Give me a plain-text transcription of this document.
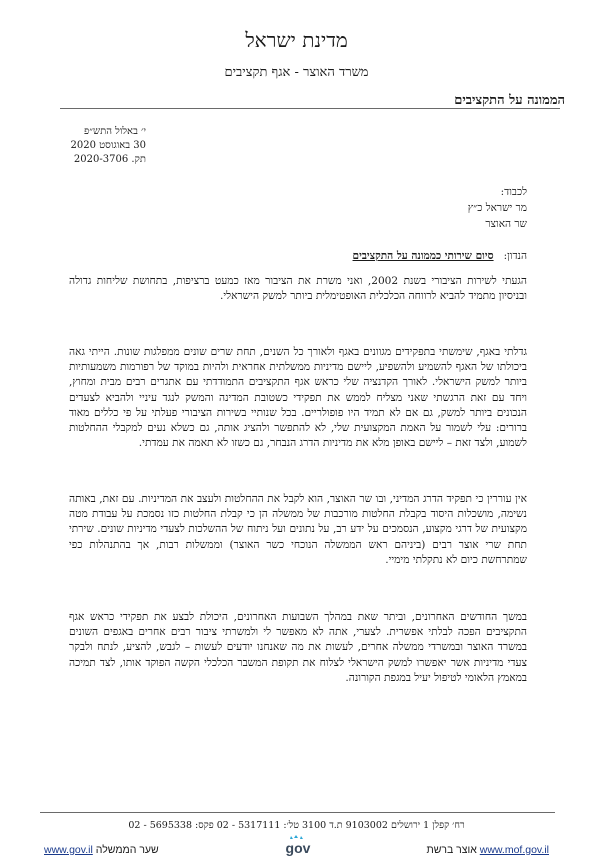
מדינת ישראל
משרד האוצר - אגף תקציבים
הממונה על התקציבים
י׳ באלול התש״פ
30 באוגוסט 2020
תק. 2020-3706
לכבוד:
מר ישראל כ״ץ
שר האוצר
הנדון:   סיום שירותי כממונה על התקציבים

הגעתי לשירות הציבורי בשנת 2002, ואני משרת את הציבור מאז כמעט ברציפות, בתחושת שליחות גדולה ובניסיון מתמיד להביא לרווחה הכלכלית האופטימלית ביותר למשק הישראלי.

גדלתי באגף, שימשתי בתפקידים מגוונים באגף ולאורך כל השנים, תחת שרים שונים ממפלגות שונות. הייתי גאה ביכולתו של האגף להשמיע ולהשפיע, ליישם מדיניות ממשלתית אחראית ולהיות במוקד של רפורמות משמעותיות ביותר למשק הישראלי. לאורך הקדנציה שלי כראש אגף התקציבים התמודדתי עם אתגרים רבים מבית ומחוץ, ויחד עם זאת הרגשתי שאני מצליח לממש את תפקידי כשטובת המדינה והמשק לנגד עיניי ולהביא לצעדים הנכונים ביותר למשק, גם אם לא תמיד היו פופולריים. בכל שנותיי בשירות הציבורי פעלתי על פי כללים מאוד ברורים: עלי לשמור על האמת המקצועית שלי, לא להתפשר ולהציג אותה, גם כשלא נעים למקבלי ההחלטות לשמוע, ולצד זאת – ליישם באופן מלא את מדיניות הדרג הנבחר, גם כשזו לא תאמה את עמדתי.

אין עוררין כי תפקיד הדרג המדיני, ובו שר האוצר, הוא לקבל את ההחלטות ולעצב את המדיניות. עם זאת, באותה נשימה, מושכלות היסוד בקבלת החלטות מורכבות של ממשלה הן כי קבלת החלטות כזו נסמכת על עבודת מטה מקצועית של דרגי מקצוע, הנסמכים על ידע רב, על נתונים ועל ניתוח של ההשלכות לצעדי מדיניות שונים. שירתי תחת שרי אוצר רבים (ביניהם ראש הממשלה הנוכחי כשר האוצר) וממשלות רבות, אך בהתנהלות כפי שמתרחשת כיום לא נתקלתי מימיי.

במשך החודשים האחרונים, וביתר שאת במהלך השבועות האחרונים, היכולת לבצע את תפקידי כראש אגף התקציבים הפכה לבלתי אפשרית. לצערי, אתה לא מאפשר לי ולמשרתי ציבור רבים אחרים באגפים השונים במשרד האוצר ובמשרדי ממשלה אחרים, לעשות את מה שאנחנו יודעים לעשות – לגבש, להציע, לנתח ולבקר צעדי מדיניות אשר יאפשרו למשק הישראלי לצלוח את תקופת המשבר הכלכלי הקשה הפוקד אותו, לצד תמיכה במאמץ הלאומי לטיפול יעיל במגפת הקורונה.

רח׳ קפלן 1 ירושלים 9103002 ת.ד 3100 טל׳: 5317111 - 02 פקס: 5695338 - 02
www.gov.il שער הממשלה	gov	אוצר ברשת www.mof.gov.il
